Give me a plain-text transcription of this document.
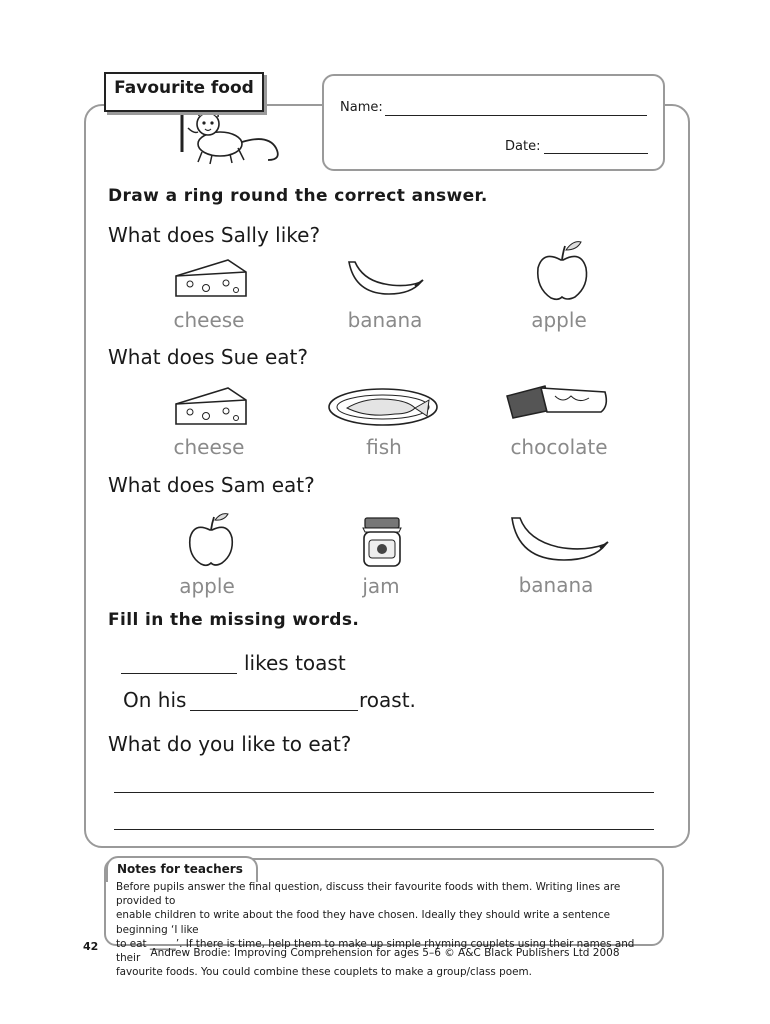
Favourite food
Name:
Date:
Draw a ring round the correct answer.
What does Sally like?
What does Sue eat?
What does Sam eat?
cheese	banana	apple
cheese	fish	chocolate
apple	jam	banana
Fill in the missing words.
likes toast
On his	roast.
What do you like to eat?
Notes for teachers
Before pupils answer the final question, discuss their favourite foods with them. Writing lines are provided to
enable children to write about the food they have chosen. Ideally they should write a sentence beginning ‘I like
to eat _____’. If there is time, help them to make up simple rhyming couplets using their names and their
favourite foods. You could combine these couplets to make a group/class poem.
42	Andrew Brodie: Improving Comprehension for ages 5–6 © A&C Black Publishers Ltd 2008
